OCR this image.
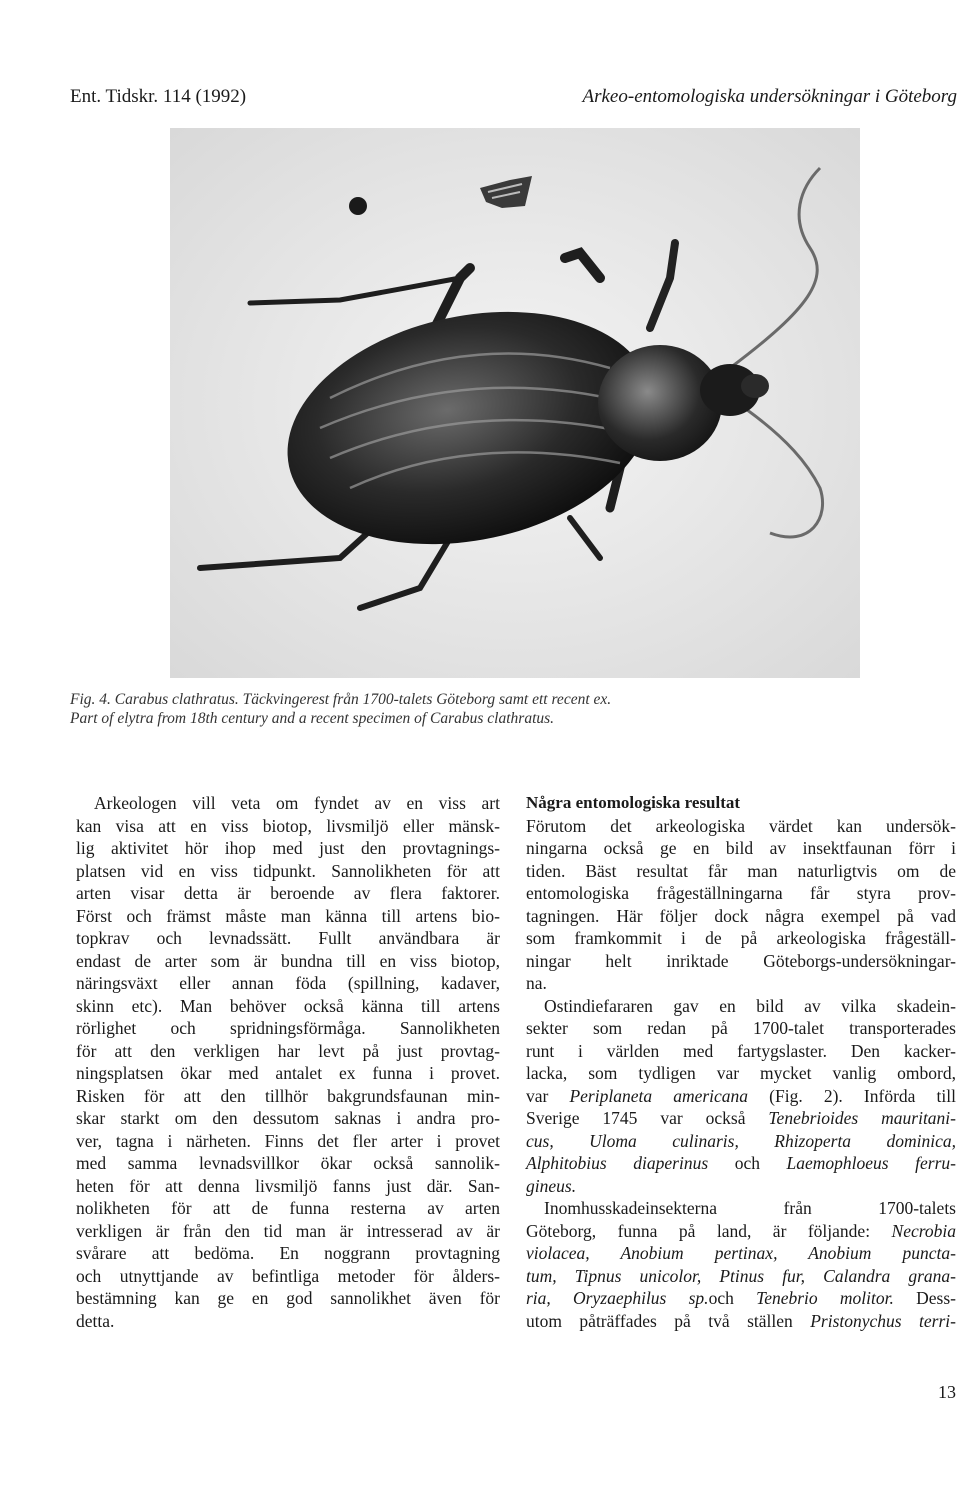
Ent. Tidskr. 114 (1992)	Arkeo-entomologiska undersökningar i Göteborg
Fig. 4. Carabus clathratus. Täckvingerest från 1700-talets Göteborg samt ett recent ex.
Part of elytra from 18th century and a recent specimen of Carabus clathratus.
Arkeologen vill veta om fyndet av en viss art
kan visa att en viss biotop, livsmiljö eller mänsk-
lig aktivitet hör ihop med just den provtagnings-
platsen vid en viss tidpunkt. Sannolikheten för att
arten visar detta är beroende av flera faktorer.
Först och främst måste man känna till artens bio-
topkrav och levnadssätt. Fullt användbara är
endast de arter som är bundna till en viss biotop,
näringsväxt eller annan föda (spillning, kadaver,
skinn etc). Man behöver också känna till artens
rörlighet och spridningsförmåga. Sannolikheten
för att den verkligen har levt på just provtag-
ningsplatsen ökar med antalet ex funna i provet.
Risken för att den tillhör bakgrundsfaunan min-
skar starkt om den dessutom saknas i andra pro-
ver, tagna i närheten. Finns det fler arter i provet
med samma levnadsvillkor ökar också sannolik-
heten för att denna livsmiljö fanns just där. San-
nolikheten för att de funna resterna av arten
verkligen är från den tid man är intresserad av är
svårare att bedöma. En noggrann provtagning
och utnyttjande av befintliga metoder för ålders-
bestämning kan ge en god sannolikhet även för
detta.
Några entomologiska resultat
Förutom det arkeologiska värdet kan undersök-
ningarna också ge en bild av insektfaunan förr i
tiden. Bäst resultat får man naturligtvis om de
entomologiska frågeställningarna får styra prov-
tagningen. Här följer dock några exempel på vad
som framkommit i de på arkeologiska frågeställ-
ningar helt inriktade Göteborgs-undersökningar-
na.
Ostindiefararen gav en bild av vilka skadein-
sekter som redan på 1700-talet transporterades
runt i världen med fartygslaster. Den kacker-
lacka, som tydligen var mycket vanlig ombord,
var Periplaneta americana (Fig. 2). Införda till
Sverige 1745 var också Tenebrioides mauritani-
cus, Uloma culinaris, Rhizoperta dominica,
Alphitobius diaperinus och Laemophloeus ferru-
gineus.
Inomhusskadeinsekterna från 1700-talets
Göteborg, funna på land, är följande: Necrobia
violacea, Anobium pertinax, Anobium puncta-
tum, Tipnus unicolor, Ptinus fur, Calandra grana-
ria, Oryzaephilus sp.och Tenebrio molitor. Dess-
utom påträffades på två ställen Pristonychus terri-
13
